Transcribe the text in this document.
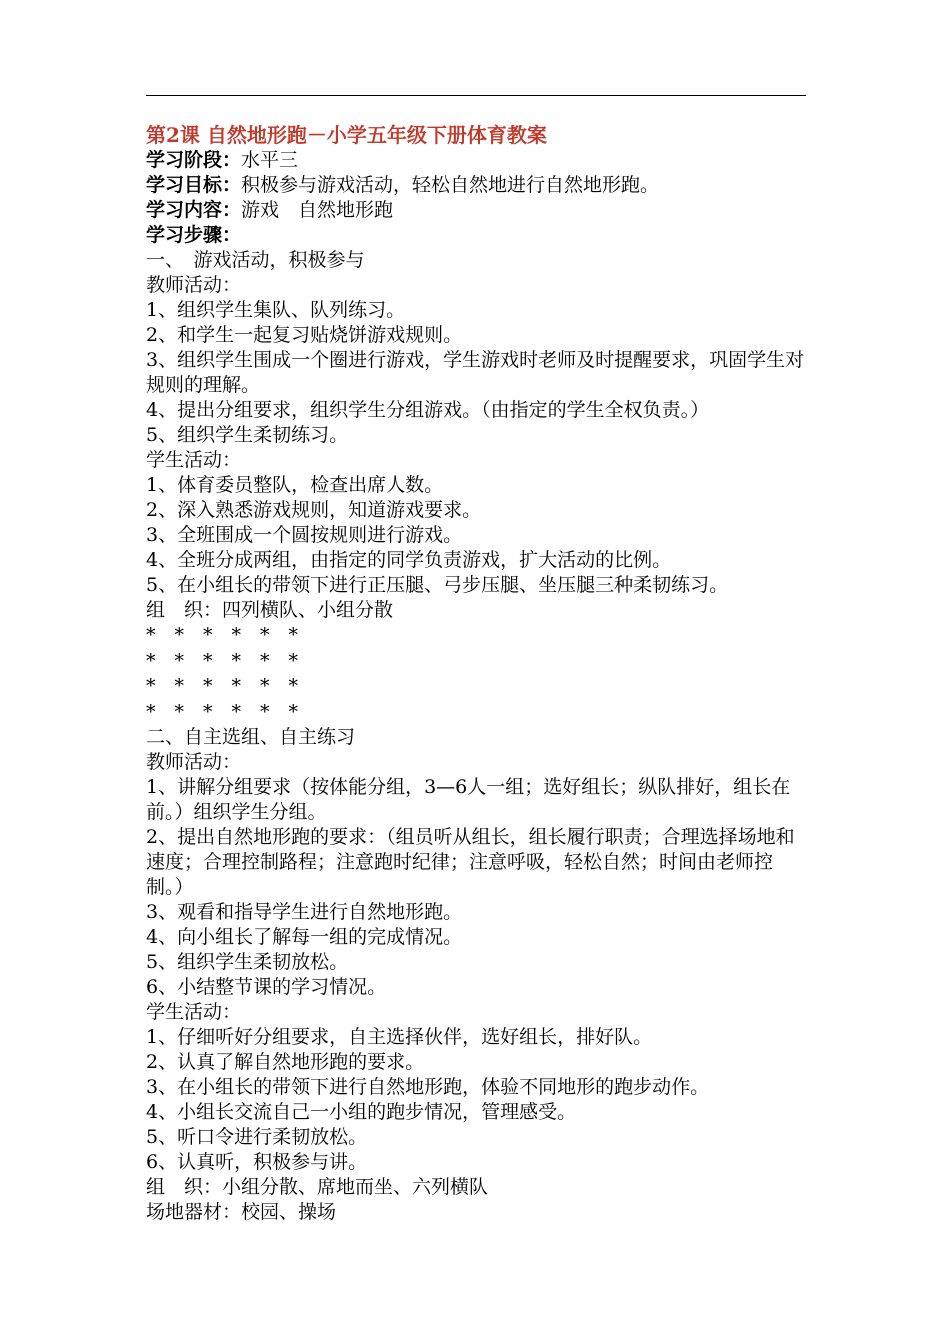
第2课 自然地形跑－小学五年级下册体育教案
学习阶段：水平三
学习目标：积极参与游戏活动，轻松自然地进行自然地形跑。
学习内容：游戏　自然地形跑
学习步骤：
一、　游戏活动，积极参与
教师活动：
1、组织学生集队、队列练习。
2、和学生一起复习贴烧饼游戏规则。
3、组织学生围成一个圈进行游戏，学生游戏时老师及时提醒要求，巩固学生对规则的理解。
4、提出分组要求，组织学生分组游戏。（由指定的学生全权负责。）
5、组织学生柔韧练习。
学生活动：
1、体育委员整队，检查出席人数。
2、深入熟悉游戏规则，知道游戏要求。
3、全班围成一个圆按规则进行游戏。
4、全班分成两组，由指定的同学负责游戏，扩大活动的比例。
5、在小组长的带领下进行正压腿、弓步压腿、坐压腿三种柔韧练习。
组　织：四列横队、小组分散
*　*　*　*　*　*
*　*　*　*　*　*
*　*　*　*　*　*
*　*　*　*　*　*
二、自主选组、自主练习
教师活动：
1、讲解分组要求（按体能分组，3—6人一组；选好组长；纵队排好，组长在前。）组织学生分组。
2、提出自然地形跑的要求：（组员听从组长，组长履行职责；合理选择场地和速度；合理控制路程；注意跑时纪律；注意呼吸，轻松自然；时间由老师控制。）
3、观看和指导学生进行自然地形跑。
4、向小组长了解每一组的完成情况。
5、组织学生柔韧放松。
6、小结整节课的学习情况。
学生活动：
1、仔细听好分组要求，自主选择伙伴，选好组长，排好队。
2、认真了解自然地形跑的要求。
3、在小组长的带领下进行自然地形跑，体验不同地形的跑步动作。
4、小组长交流自己一小组的跑步情况，管理感受。
5、听口令进行柔韧放松。
6、认真听，积极参与讲。
组　织：小组分散、席地而坐、六列横队
场地器材：校园、操场
